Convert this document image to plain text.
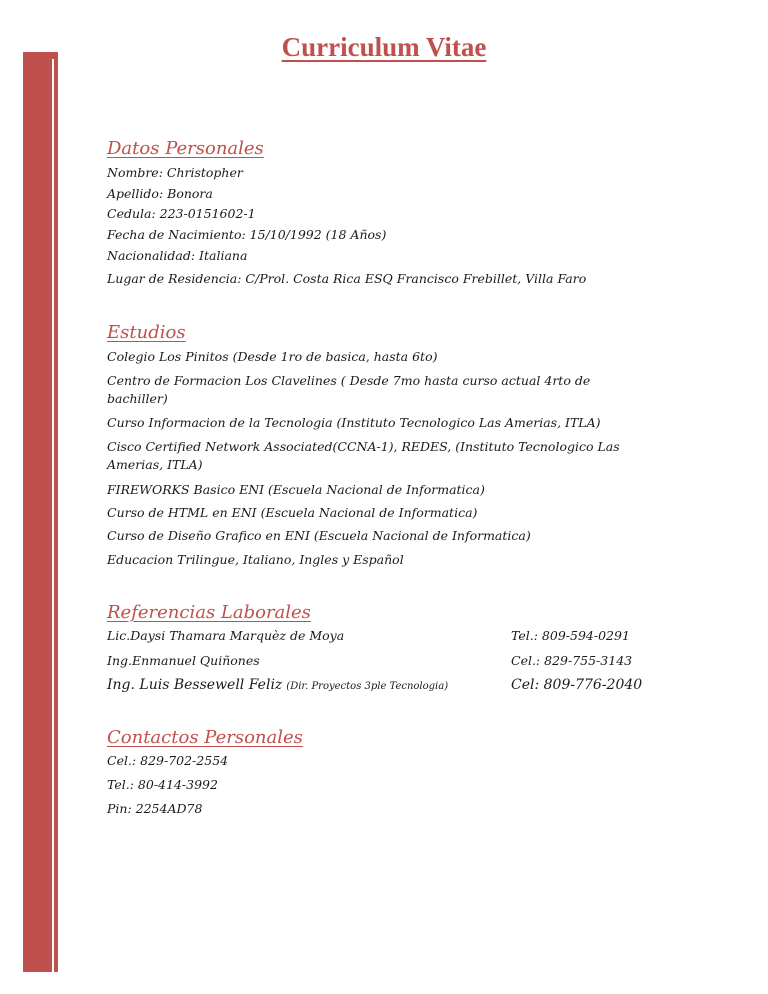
Curriculum Vitae
Datos Personales
Nombre: Christopher
Apellido: Bonora
Cedula: 223-0151602-1
Fecha de Nacimiento: 15/10/1992 (18 Años)
Nacionalidad: Italiana
Lugar de Residencia: C/Prol. Costa Rica ESQ Francisco Frebillet, Villa Faro
Estudios
Colegio Los Pinitos (Desde 1ro de basica, hasta 6to)
Centro de Formacion Los Clavelines ( Desde 7mo hasta curso actual 4rto de bachiller)
Curso Informacion de la Tecnologia (Instituto Tecnologico Las Amerias, ITLA)
Cisco Certified Network Associated(CCNA-1), REDES, (Instituto Tecnologico Las Amerias, ITLA)
FIREWORKS Basico ENI (Escuela Nacional de Informatica)
Curso de HTML en ENI (Escuela Nacional de Informatica)
Curso de Diseño Grafico en ENI (Escuela Nacional de Informatica)
Educacion Trilingue, Italiano, Ingles y Español
Referencias Laborales
Lic.Daysi Thamara Marquèz de Moya	Tel.: 809-594-0291
Ing.Enmanuel Quiñones	Cel.: 829-755-3143
Ing. Luis Bessewell Feliz (Dir. Proyectos 3ple Tecnologia)	Cel: 809-776-2040
Contactos Personales
Cel.: 829-702-2554
Tel.: 80-414-3992
Pin: 2254AD78
